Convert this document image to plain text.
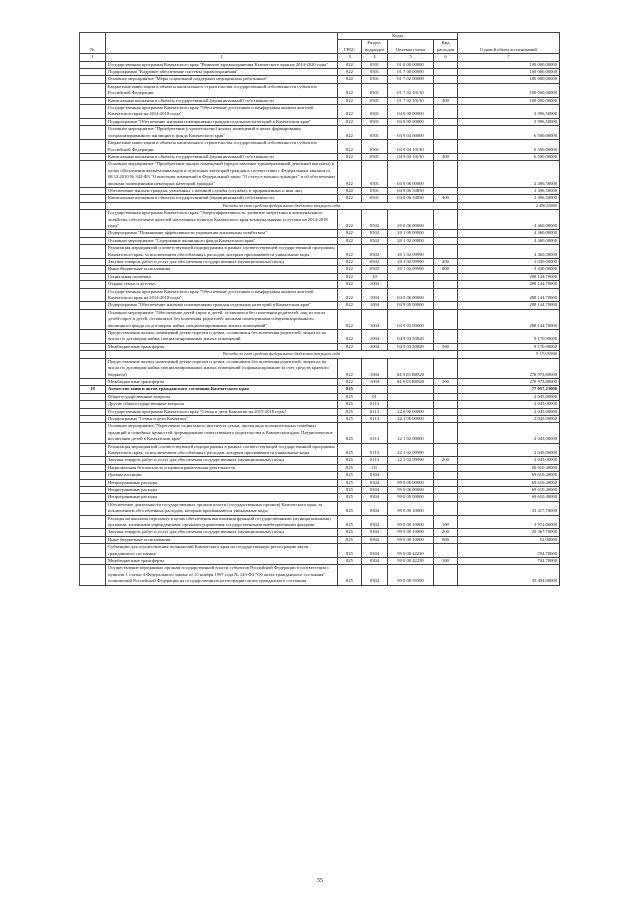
№		Коды				Годовой объем ассигнований
		ГРБС	Раздел, подраздел	Целевая статья	Вид расходов	
1	2	3	4	5	6	7
	Государственная программа Камчатского края "Развитие здравоохранения Камчатского края на 2014-2020 годы"	822	0501	01 0 00 00000		100 000,00000
	Подпрограмма "Кадровое обеспечение системы здравоохранения"	822	0501	01 7 00 00000		100 000,00000
	Основное мероприятие "Меры социальной поддержки медицинских работников"	822	0501	01 7 02 00000		100 000,00000
	Бюджетные инвестиции в объекты капитального строительства государственной собственности субъектов Российской Федерации	822	0501	01 7 02 10130		100 000,00000
	Капитальные вложения в объекты государственной (муниципальной) собственности	822	0501	01 7 02 10130	400	100 000,00000
	Государственная программа Камчатского края "Обеспечение доступным и комфортным жильем жителей Камчатского края на 2014-2018 годы"	822	0501	04 0 00 00000		3 996,50000
	Подпрограмма "Обеспечение жилыми помещениями граждан отдельных категорий в Камчатском крае"	822	0501	04 9 00 00000		3 996,50000
	Основное мероприятие "Приобретение (строительство) жилых помещений в целях формирования специализированного жилищного фонда Камчатского края"	822	0501	04 9 04 00000		6 500,00000
	Бюджетные инвестиции в объекты капитального строительства государственной собственности субъектов Российской Федерации	822	0501	04 9 04 10130		6 500,00000
	Капитальные вложения в объекты государственной (муниципальной) собственности	822	0501	04 9 04 10130	400	6 500,00000
	Основное мероприятие "Приобретение жилых помещений (предоставление единовременной денежной выплаты) в целях обеспечения жильем инвалидов и отдельных категорий граждан в соответствии с Федеральным законом от 08.12.2010 № 342-ФЗ "О внесении изменений в Федеральный закон "О статусе военнослужащих" и об обеспечении жилыми помещениями некоторых категорий граждан"	822	0501	04 9 06 00000		2 496,50000
	Обеспечение жильем граждан, уволенных с военной службы (службы), и приравненных к ним лиц	822	0501	04 9 06 54850		2 496,50000
	Капитальные вложения в объекты государственной (муниципальной) собственности	822	0501	04 9 06 54850	400	2 496,50000
	Расходы за счет средств федерального бюджета текущего года					2 496,50000
	Государственная программа Камчатского края "Энергоэффективность, развитие энергетики и коммунального хозяйства, обеспечение жителей населенных пунктов Камчатского края коммунальными услугами на 2014-2018 годы"	822	0502	20 0 00 00000		4 460,00000
	Подпрограмма "Повышение эффективности управления жилищным хозяйством"	822	0502	20 1 00 00000		4 460,00000
	Основное мероприятие "Содержание жилищного фонда Камчатского края"	822	0502	20 1 02 00000		4 460,00000
	Реализация мероприятий соответствующей подпрограммы в рамках соответствующей государственной программы Камчатского края, за исключением обособленных расходов, которым присваиваются уникальные коды	822	0502	20 1 02 09990		4 460,00000
	Закупка товаров, работ и услуг для обеспечения государственных (муниципальных) нужд	822	0502	20 1 02 09990	200	1 030,00000
	Иные бюджетные ассигнования	822	0502	20 1 02 09990	800	3 430,00000
	Социальная политика	822	10			288 144,70000
	Охрана семьи и детства	822	1004			288 144,70000
	Государственная программа Камчатского края "Обеспечение доступным и комфортным жильем жителей Камчатского края на 2014-2018 годы"	822	1004	04 0 00 00000		288 144,70000
	Подпрограмма "Обеспечение жилыми помещениями граждан отдельных категорий в Камчатском крае"	822	1004	04 9 00 00000		288 144,70000
	Основное мероприятие "Обеспечение детей-сирот и детей, оставшихся без попечения родителей, лиц из числа детей-сирот и детей, оставшихся без попечения родителей, жилыми помещениями специализированного жилищного фонда по договорам найма специализированных жилых помещений"	822	1004	04 9 03 00000		288 144,70000
	Предоставление жилых помещений детям-сиротам и детям, оставшимся без попечения родителей, лицам из их числа по договорам найма специализированных жилых помещений	822	1004	04 9 03 50820		9 170,90000
	Межбюджетные трансферты	822	1004	04 9 03 50820	500	9 170,90000
	Расходы за счет средств федерального бюджета текущего года					9 170,90000
	Предоставление жилых помещений детям-сиротам и детям, оставшимся без попечения родителей, лицам из их числа по договорам найма специализированных жилых помещений (софинансирование за счет средств краевого бюджета)	822	1004	04 9 03 R0820		278 973,80000
	Межбюджетные трансферты	822	1004	04 9 03 R0820	500	278 973,80000
18	Агентство записи актов гражданского состояния Камчатского края	825				77 057,21000
	Общегосударственные вопросы	825	01			2 045,00000
	Другие общегосударственные вопросы	825	0113			2 045,00000
	Государственная программа Камчатского края "Семья и дети Камчатки на 2015-2018 годы"	825	0113	22 0 00 00000		2 045,00000
	Подпрограмма "Семья и дети Камчатки"	825	0113	22 1 00 00000		2 045,00000
	Основное мероприятие "Укрепление социального института семьи, пропаганда положительных семейных традиций и семейных ценностей, формирование ответственного родительства в Камчатском крае. Патриотическое воспитание детей в Камчатском крае"	825	0113	22 1 02 00000		2 045,00000
	Реализация мероприятий соответствующей подпрограммы в рамках соответствующей государственной программы Камчатского края, за исключением обособленных расходов, которым присваиваются уникальные коды	825	0113	22 1 02 09990		2 045,00000
	Закупка товаров, работ и услуг для обеспечения государственных (муниципальных) нужд	825	0113	22 1 02 09990	200	2 045,00000
	Национальная безопасность и правоохранительная деятельность	825	03			69 610,40000
	Органы юстиции	825	0304			69 610,40000
	Непрограммные расходы	825	0304	99 0 00 00000		69 610,40000
	Непрограммные расходы	825	0304	99 0 00 00000		69 610,40000
	Непрограммные расходы	825	0304	99 0 00 00000		69 610,40000
	Обеспечение деятельности государственных органов власти (государственных органов) Камчатского края, за исключением обособленных расходов, которым присваиваются уникальные коды	825	0304	99 0 00 10000		33 417,70000
	Расходы на выплаты персоналу в целях обеспечения выполнения функций государственными (муниципальными) органами, казенными учреждениями, органами управления государственными внебюджетными фондами	825	0304	99 0 00 10000	100	3 972,00000
	Закупка товаров, работ и услуг для обеспечения государственных (муниципальных) нужд	825	0304	99 0 00 10000	200	29 367,70000
	Иные бюджетные ассигнования	825	0304	99 0 00 10000	800	52,00000
	Субвенции для осуществления полномочий Камчатского края на государственную регистрацию актов гражданского состояния	825	0304	99 0 00 42230		704,70000
	Межбюджетные трансферты	825	0304	99 0 00 42230	500	704,70000
	Осуществление переданных органам государственной власти субъектов Российской Федерации в соответствии с пунктом 1 статьи 4 Федерального закона от 15 ноября 1997 года № 143-ФЗ "Об актах гражданского состояния" полномочий Российской Федерации на государственную регистрацию актов гражданского состояния	825	0304	99 0 00 59300		35 494,00000
55
